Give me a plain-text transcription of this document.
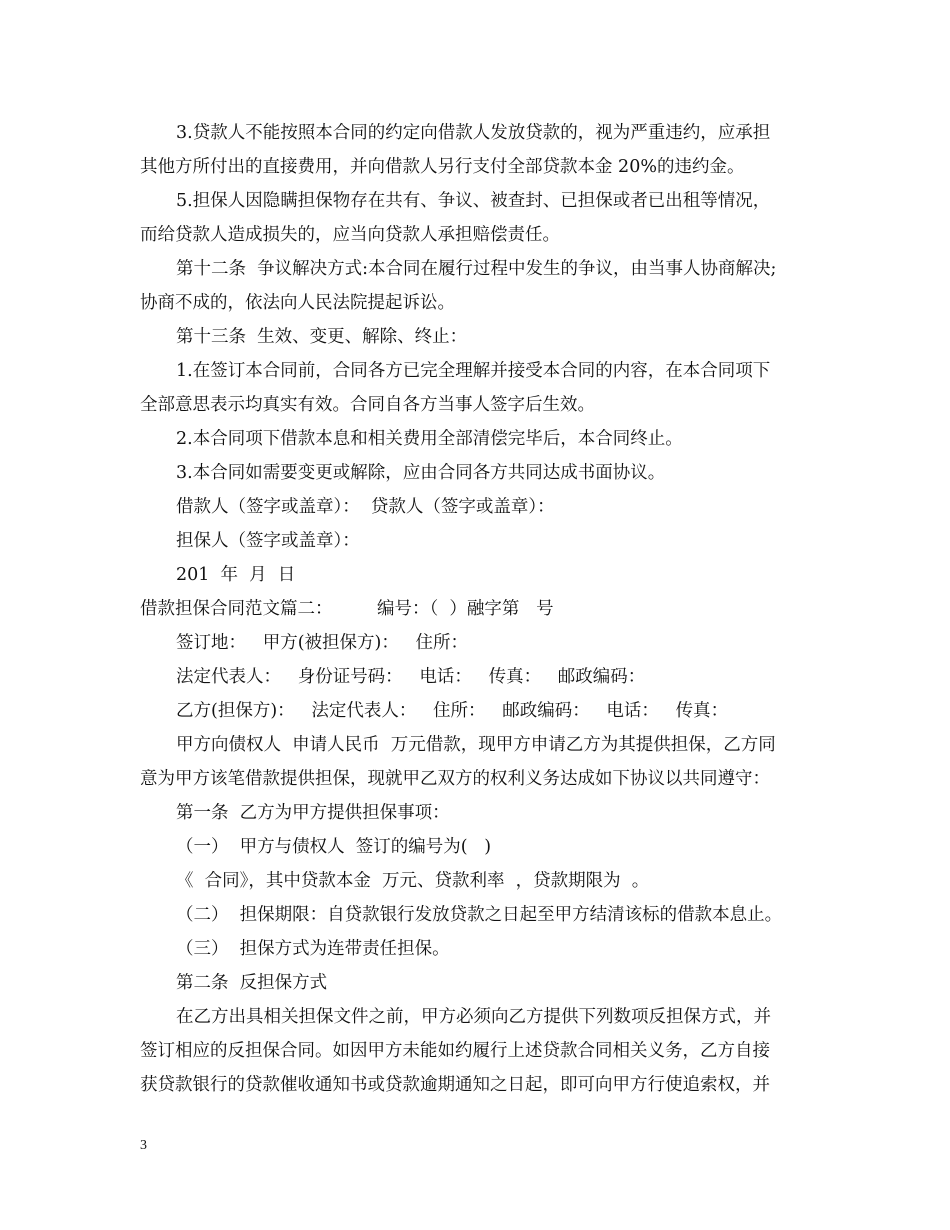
3.贷款人不能按照本合同的约定向借款人发放贷款的，视为严重违约，应承担

其他方所付出的直接费用，并向借款人另行支付全部贷款本金 20%的违约金。

5.担保人因隐瞒担保物存在共有、争议、被查封、已担保或者已出租等情况，

而给贷款人造成损失的，应当向贷款人承担赔偿责任。

第十二条  争议解决方式:本合同在履行过程中发生的争议，由当事人协商解决;

协商不成的，依法向人民法院提起诉讼。

第十三条  生效、变更、解除、终止：

1.在签订本合同前，合同各方已完全理解并接受本合同的内容，在本合同项下

全部意思表示均真实有效。合同自各方当事人签字后生效。

2.本合同项下借款本息和相关费用全部清偿完毕后，本合同终止。

3.本合同如需要变更或解除，应由合同各方共同达成书面协议。

借款人（签字或盖章）：  贷款人（签字或盖章）：

担保人（签字或盖章）：

201  年  月  日

借款担保合同范文篇二：        编号：（  ）融字第   号

签订地：   甲方(被担保方)：   住所：

法定代表人：   身份证号码：   电话：   传真：   邮政编码：

乙方(担保方)：   法定代表人：   住所：   邮政编码：   电话：   传真：

甲方向债权人  申请人民币  万元借款，现甲方申请乙方为其提供担保，乙方同

意为甲方该笔借款提供担保，现就甲乙双方的权利义务达成如下协议以共同遵守：

第一条  乙方为甲方提供担保事项：

（一）  甲方与债权人  签订的编号为(   )

《  合同》，其中贷款本金  万元、贷款利率  ，贷款期限为  。

（二）  担保期限：自贷款银行发放贷款之日起至甲方结清该标的借款本息止。

（三）  担保方式为连带责任担保。

第二条  反担保方式

在乙方出具相关担保文件之前，甲方必须向乙方提供下列数项反担保方式，并

签订相应的反担保合同。如因甲方未能如约履行上述贷款合同相关义务，乙方自接

获贷款银行的贷款催收通知书或贷款逾期通知之日起，即可向甲方行使追索权，并

3
